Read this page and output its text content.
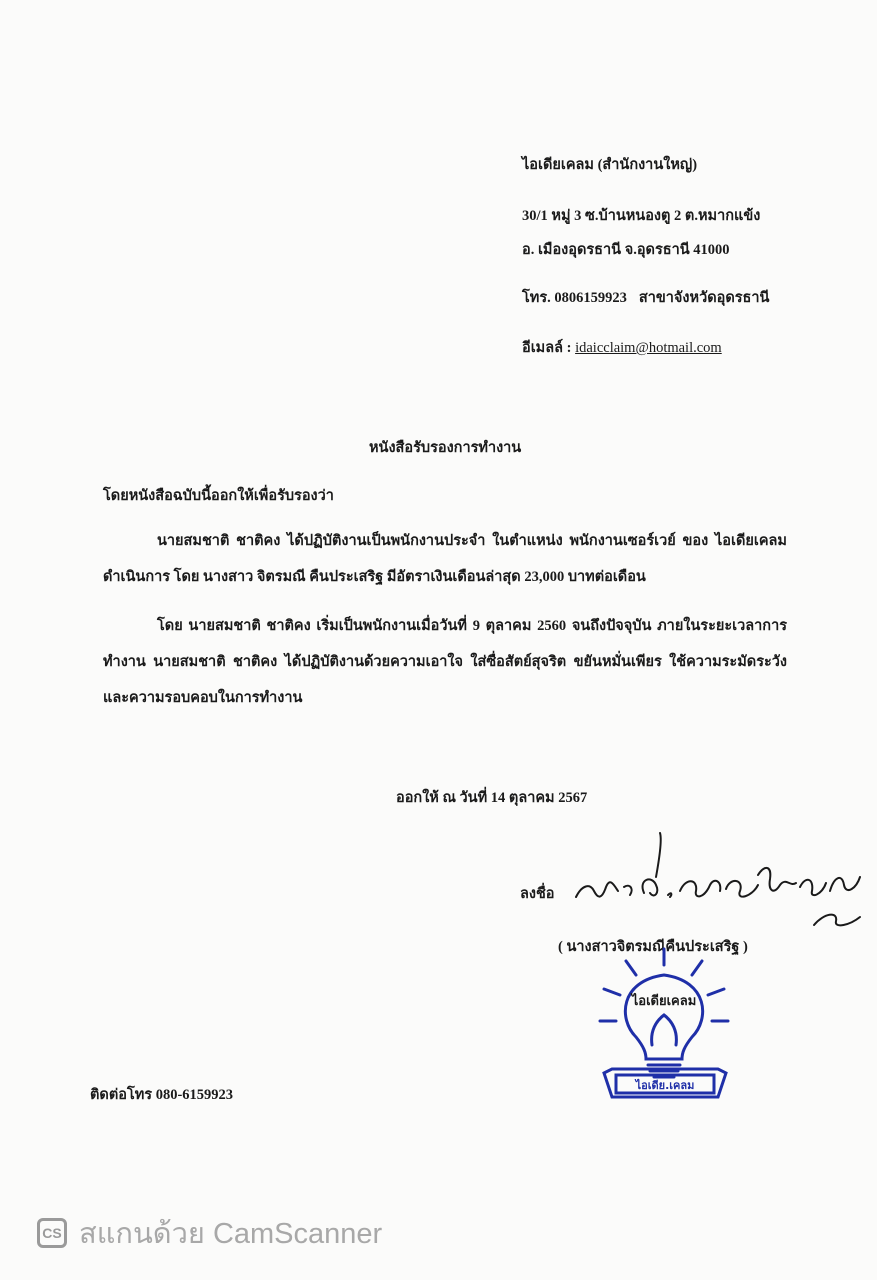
ไอเดียเคลม (สำนักงานใหญ่)
30/1 หมู่ 3 ซ.บ้านหนองตู 2 ต.หมากแข้ง
อ. เมืองอุดรธานี จ.อุดรธานี 41000
โทร. 0806159923 สาขาจังหวัดอุดรธานี
อีเมลล์ : idaicclaim@hotmail.com
หนังสือรับรองการทำงาน
โดยหนังสือฉบับนี้ออกให้เพื่อรับรองว่า
นายสมชาติ ชาติคง ได้ปฏิบัติงานเป็นพนักงานประจำ ในตำแหน่ง พนักงานเซอร์เวย์ ของ ไอเดียเคลม
ดำเนินการ โดย นางสาว จิตรมณี คืนประเสริฐ มีอัตราเงินเดือนล่าสุด 23,000 บาทต่อเดือน
โดย นายสมชาติ ชาติคง เริ่มเป็นพนักงานเมื่อวันที่ 9 ตุลาคม 2560 จนถึงปัจจุบัน ภายในระยะเวลาการ
ทำงาน นายสมชาติ ชาติคง ได้ปฏิบัติงานด้วยความเอาใจ ใส่ซื่อสัตย์สุจริต ขยันหมั่นเพียร ใช้ความระมัดระวัง
และความรอบคอบในการทำงาน
ออกให้ ณ วันที่ 14 ตุลาคม 2567
ลงชื่อ
( นางสาวจิตรมณีคืนประเสริฐ )
ไอเดียเคลม
ไอเดีย.เคลม
ติดต่อโทร 080-6159923
CS สแกนด้วย CamScanner
